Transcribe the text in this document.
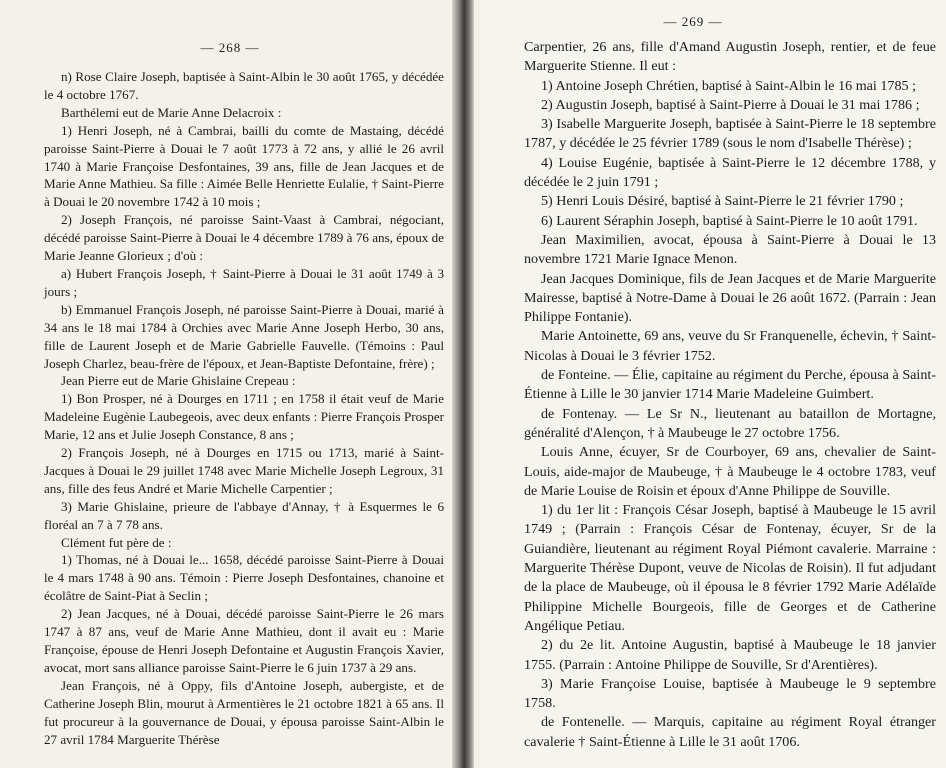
— 268 —

n) Rose Claire Joseph, baptisée à Saint-Albin le 30 août 1765, y décédée le 4 octobre 1767.

Barthélemi eut de Marie Anne Delacroix :

1) Henri Joseph, né à Cambrai, bailli du comte de Mastaing, décédé paroisse Saint-Pierre à Douai le 7 août 1773 à 72 ans, y allié le 26 avril 1740 à Marie Françoise Desfontaines, 39 ans, fille de Jean Jacques et de Marie Anne Mathieu. Sa fille : Aimée Belle Henriette Eulalie, † Saint-Pierre à Douai le 20 novembre 1742 à 10 mois ;

2) Joseph François, né paroisse Saint-Vaast à Cambrai, négociant, décédé paroisse Saint-Pierre à Douai le 4 décembre 1789 à 76 ans, époux de Marie Jeanne Glorieux ; d'où :

a) Hubert François Joseph, † Saint-Pierre à Douai le 31 août 1749 à 3 jours ;

b) Emmanuel François Joseph, né paroisse Saint-Pierre à Douai, marié à 34 ans le 18 mai 1784 à Orchies avec Marie Anne Joseph Herbo, 30 ans, fille de Laurent Joseph et de Marie Gabrielle Fauvelle. (Témoins : Paul Joseph Charlez, beau-frère de l'époux, et Jean-Baptiste Defontaine, frère) ;

Jean Pierre eut de Marie Ghislaine Crepeau :

1) Bon Prosper, né à Dourges en 1711 ; en 1758 il était veuf de Marie Madeleine Eugènie Laubegeois, avec deux enfants : Pierre François Prosper Marie, 12 ans et Julie Joseph Constance, 8 ans ;

2) François Joseph, né à Dourges en 1715 ou 1713, marié à Saint-Jacques à Douai le 29 juillet 1748 avec Marie Michelle Joseph Legroux, 31 ans, fille des feus André et Marie Michelle Carpentier ;

3) Marie Ghislaine, prieure de l'abbaye d'Annay, † à Esquermes le 6 floréal an 7 à 7 78 ans.

Clément fut père de :

1) Thomas, né à Douai le... 1658, décédé paroisse Saint-Pierre à Douai le 4 mars 1748 à 90 ans. Témoin : Pierre Joseph Desfontaines, chanoine et écolâtre de Saint-Piat à Seclin ;

2) Jean Jacques, né à Douai, décédé paroisse Saint-Pierre le 26 mars 1747 à 87 ans, veuf de Marie Anne Mathieu, dont il avait eu : Marie Françoise, épouse de Henri Joseph Defontaine et Augustin François Xavier, avocat, mort sans alliance paroisse Saint-Pierre le 6 juin 1737 à 29 ans.

Jean François, né à Oppy, fils d'Antoine Joseph, aubergiste, et de Catherine Joseph Blin, mourut à Armentières le 21 octobre 1821 à 65 ans. Il fut procureur à la gouvernance de Douai, y épousa paroisse Saint-Albin le 27 avril 1784 Marguerite Thérèse

— 269 —

Carpentier, 26 ans, fille d'Amand Augustin Joseph, rentier, et de feue Marguerite Stienne. Il eut :

1) Antoine Joseph Chrétien, baptisé à Saint-Albin le 16 mai 1785 ;

2) Augustin Joseph, baptisé à Saint-Pierre à Douai le 31 mai 1786 ;

3) Isabelle Marguerite Joseph, baptisée à Saint-Pierre le 18 septembre 1787, y décédée le 25 février 1789 (sous le nom d'Isabelle Thérèse) ;

4) Louise Eugénie, baptisée à Saint-Pierre le 12 décembre 1788, y décédée le 2 juin 1791 ;

5) Henri Louis Désiré, baptisé à Saint-Pierre le 21 février 1790 ;

6) Laurent Séraphin Joseph, baptisé à Saint-Pierre le 10 août 1791.

Jean Maximilien, avocat, épousa à Saint-Pierre à Douai le 13 novembre 1721 Marie Ignace Menon.

Jean Jacques Dominique, fils de Jean Jacques et de Marie Marguerite Mairesse, baptisé à Notre-Dame à Douai le 26 août 1672. (Parrain : Jean Philippe Fontanie).

Marie Antoinette, 69 ans, veuve du Sr Franquenelle, échevin, † Saint-Nicolas à Douai le 3 février 1752.

de Fonteine. — Élie, capitaine au régiment du Perche, épousa à Saint-Étienne à Lille le 30 janvier 1714 Marie Madeleine Guimbert.

de Fontenay. — Le Sr N., lieutenant au bataillon de Mortagne, généralité d'Alençon, † à Maubeuge le 27 octobre 1756.

Louis Anne, écuyer, Sr de Courboyer, 69 ans, chevalier de Saint-Louis, aide-major de Maubeuge, † à Maubeuge le 4 octobre 1783, veuf de Marie Louise de Roisin et époux d'Anne Philippe de Souville.

1) du 1er lit : François César Joseph, baptisé à Maubeuge le 15 avril 1749 ; (Parrain : François César de Fontenay, écuyer, Sr de la Guiandière, lieutenant au régiment Royal Piémont cavalerie. Marraine : Marguerite Thérèse Dupont, veuve de Nicolas de Roisin). Il fut adjudant de la place de Maubeuge, où il épousa le 8 février 1792 Marie Adélaïde Philippine Michelle Bourgeois, fille de Georges et de Catherine Angélique Petiau.

2) du 2e lit. Antoine Augustin, baptisé à Maubeuge le 18 janvier 1755. (Parrain : Antoine Philippe de Souville, Sr d'Arentières).

3) Marie Françoise Louise, baptisée à Maubeuge le 9 septembre 1758.

de Fontenelle. — Marquis, capitaine au régiment Royal étranger cavalerie † Saint-Étienne à Lille le 31 août 1706.
